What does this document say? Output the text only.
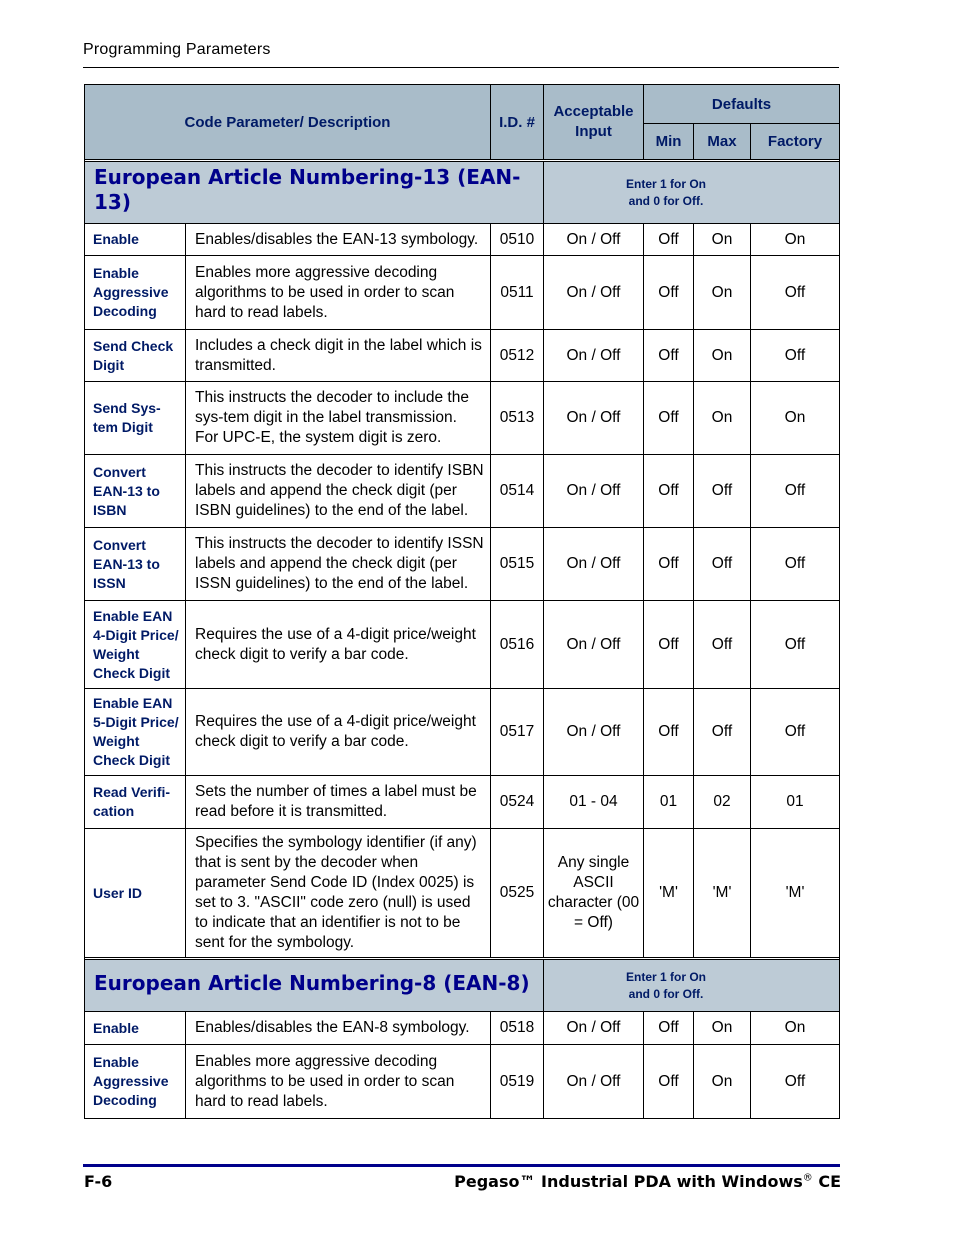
Programming Parameters
Code Parameter/ Description		I.D. #	Acceptable Input	Defaults		
				Min	Max	Factory

European Article Numbering-13 (EAN-13)			Enter 1 for On
and 0 for Off.			

Enable	Enables/disables the EAN-13 symbology.	0510	On / Off	Off	On	On
Enable Aggressive Decoding	Enables more aggressive decoding algorithms to be used in order to scan hard to read labels.	0511	On / Off	Off	On	Off
Send Check Digit	Includes a check digit in the label which is transmitted.	0512	On / Off	Off	On	Off
Send Sys-tem Digit	This instructs the decoder to include the sys-tem digit in the label transmission. For UPC-E, the system digit is zero.	0513	On / Off	Off	On	On
Convert EAN-13 to ISBN	This instructs the decoder to identify ISBN labels and append the check digit (per ISBN guidelines) to the end of the label.	0514	On / Off	Off	Off	Off
Convert EAN-13 to ISSN	This instructs the decoder to identify ISSN labels and append the check digit (per ISSN guidelines) to the end of the label.	0515	On / Off	Off	Off	Off
Enable EAN 4-Digit Price/ Weight Check Digit	Requires the use of a 4-digit price/weight check digit to verify a bar code.	0516	On / Off	Off	Off	Off
Enable EAN 5-Digit Price/ Weight Check Digit	Requires the use of a 4-digit price/weight check digit to verify a bar code.	0517	On / Off	Off	Off	Off
Read Verifi-cation	Sets the number of times a label must be read before it is transmitted.	0524	01 - 04	01	02	01
User ID	Specifies the symbology identifier (if any) that is sent by the decoder when parameter Send Code ID (Index 0025) is set to 3. "ASCII" code zero (null) is used to indicate that an identifier is not to be sent for the symbology.	0525	Any single ASCII character (00 = Off)	'M'	'M'	'M'

European Article Numbering-8 (EAN-8)			Enter 1 for On
and 0 for Off.			

Enable	Enables/disables the EAN-8 symbology.	0518	On / Off	Off	On	On
Enable Aggressive Decoding	Enables more aggressive decoding algorithms to be used in order to scan hard to read labels.	0519	On / Off	Off	On	Off
F-6	Pegaso™ Industrial PDA with Windows® CE
